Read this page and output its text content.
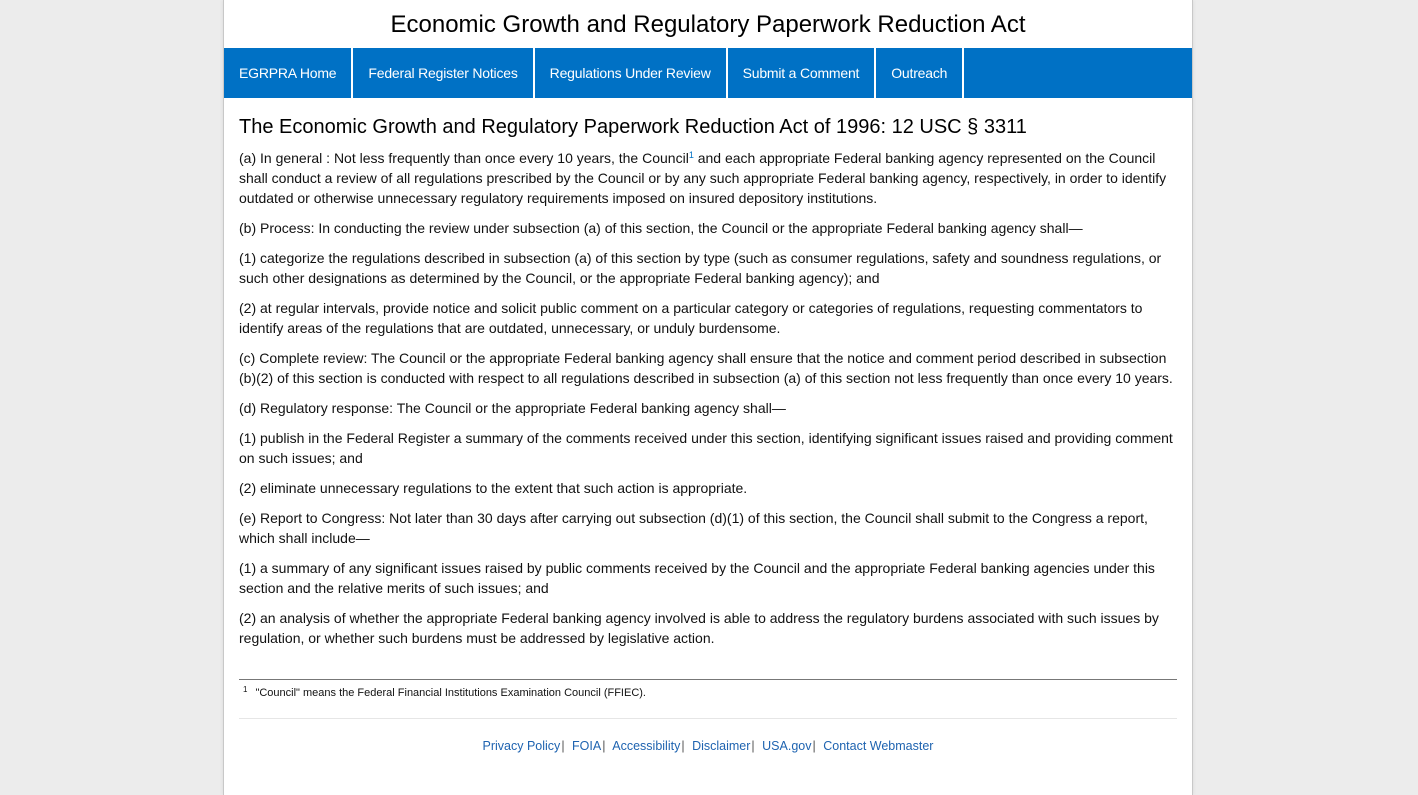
Economic Growth and Regulatory Paperwork Reduction Act
EGRPRA Home	Federal Register Notices	Regulations Under Review	Submit a Comment	Outreach
The Economic Growth and Regulatory Paperwork Reduction Act of 1996: 12 USC § 3311

(a) In general : Not less frequently than once every 10 years, the Council$^1$ and each appropriate Federal banking agency represented on the Council shall conduct a review of all regulations prescribed by the Council or by any such appropriate Federal banking agency, respectively, in order to identify outdated or otherwise unnecessary regulatory requirements imposed on insured depository institutions.

(b) Process: In conducting the review under subsection (a) of this section, the Council or the appropriate Federal banking agency shall—

(1) categorize the regulations described in subsection (a) of this section by type (such as consumer regulations, safety and soundness regulations, or such other designations as determined by the Council, or the appropriate Federal banking agency); and

(2) at regular intervals, provide notice and solicit public comment on a particular category or categories of regulations, requesting commentators to identify areas of the regulations that are outdated, unnecessary, or unduly burdensome.

(c) Complete review: The Council or the appropriate Federal banking agency shall ensure that the notice and comment period described in subsection (b)(2) of this section is conducted with respect to all regulations described in subsection (a) of this section not less frequently than once every 10 years.

(d) Regulatory response: The Council or the appropriate Federal banking agency shall—

(1) publish in the Federal Register a summary of the comments received under this section, identifying significant issues raised and providing comment on such issues; and

(2) eliminate unnecessary regulations to the extent that such action is appropriate.

(e) Report to Congress: Not later than 30 days after carrying out subsection (d)(1) of this section, the Council shall submit to the Congress a report, which shall include—

(1) a summary of any significant issues raised by public comments received by the Council and the appropriate Federal banking agencies under this section and the relative merits of such issues; and

(2) an analysis of whether the appropriate Federal banking agency involved is able to address the regulatory burdens associated with such issues by regulation, or whether such burdens must be addressed by legislative action.

$^1$ "Council" means the Federal Financial Institutions Examination Council (FFIEC).
Privacy Policy| FOIA| Accessibility| Disclaimer| USA.gov| Contact Webmaster
